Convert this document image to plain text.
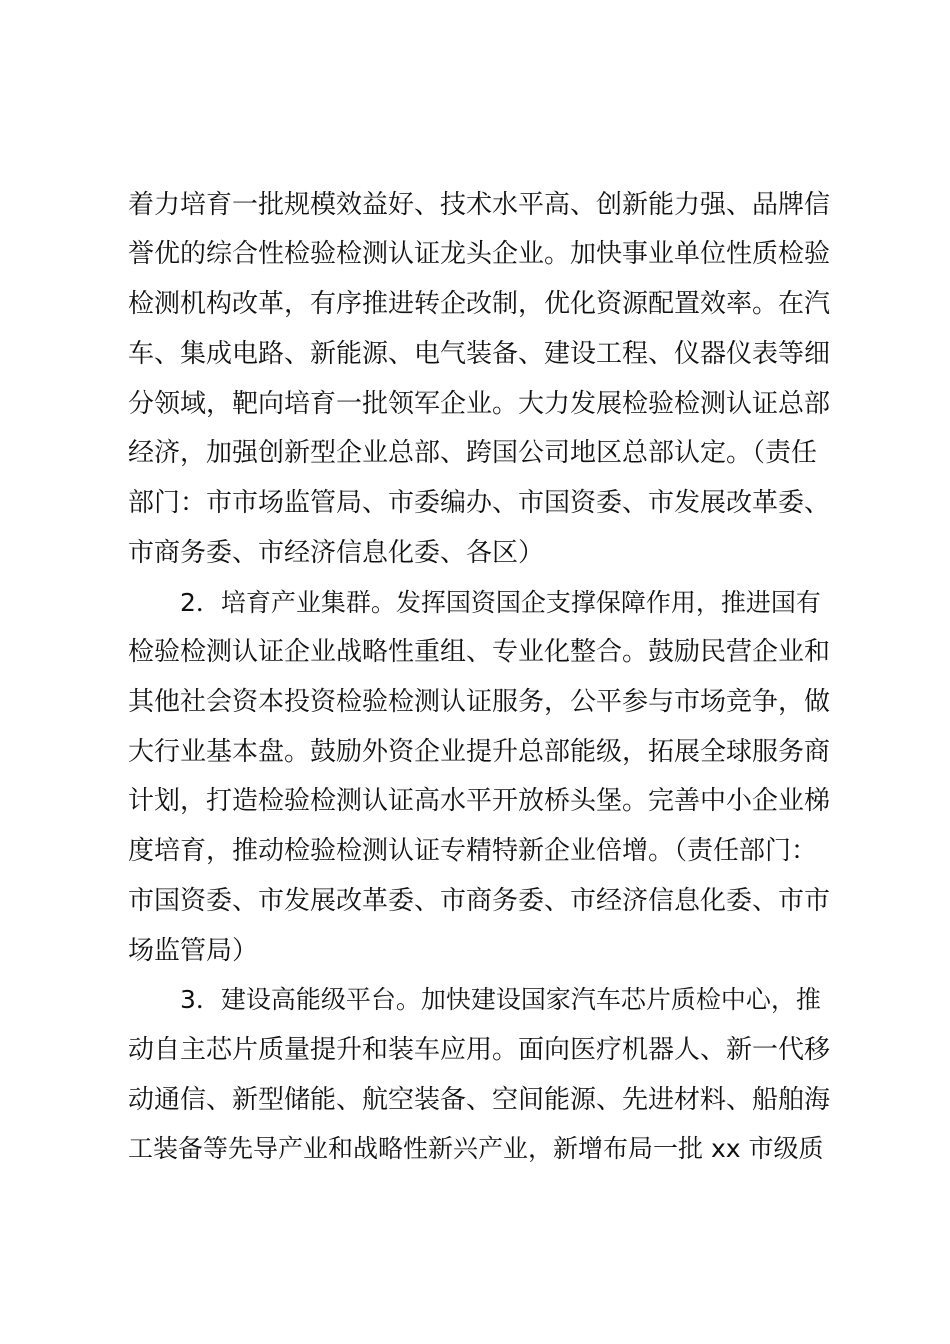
着力培育一批规模效益好、技术水平高、创新能力强、品牌信
誉优的综合性检验检测认证龙头企业。加快事业单位性质检验
检测机构改革，有序推进转企改制，优化资源配置效率。在汽
车、集成电路、新能源、电气装备、建设工程、仪器仪表等细
分领域，靶向培育一批领军企业。大力发展检验检测认证总部
经济，加强创新型企业总部、跨国公司地区总部认定。（责任
部门：市市场监管局、市委编办、市国资委、市发展改革委、
市商务委、市经济信息化委、各区）
2．培育产业集群。发挥国资国企支撑保障作用，推进国有
检验检测认证企业战略性重组、专业化整合。鼓励民营企业和
其他社会资本投资检验检测认证服务，公平参与市场竞争，做
大行业基本盘。鼓励外资企业提升总部能级，拓展全球服务商
计划，打造检验检测认证高水平开放桥头堡。完善中小企业梯
度培育，推动检验检测认证专精特新企业倍增。（责任部门：
市国资委、市发展改革委、市商务委、市经济信息化委、市市
场监管局）
3．建设高能级平台。加快建设国家汽车芯片质检中心，推
动自主芯片质量提升和装车应用。面向医疗机器人、新一代移
动通信、新型储能、航空装备、空间能源、先进材料、船舶海
工装备等先导产业和战略性新兴产业，新增布局一批 xx 市级质
